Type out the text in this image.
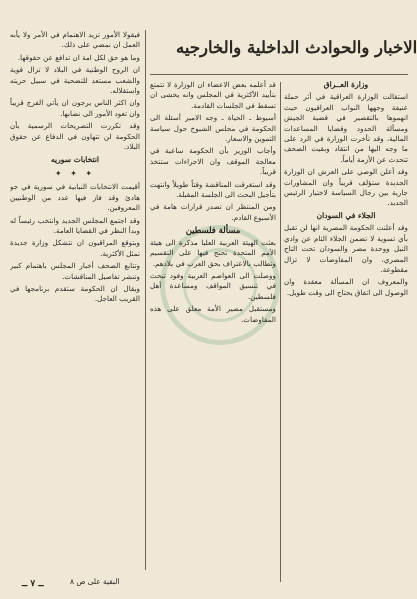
الاخبار والحوادث الداخلية والخارجيه

وزارة العــراق

استقالت الوزارة العراقية في أثر حملة عنيفة وجهها النواب العراقيون حيث اتهموها بالتقصير في قضية الجيش ومسألة الحدود وقضايا المساعدات المالية، وقد تأخرت الوزارة في الرد على ما وجه اليها من انتقاد وبقيت الصحف تتحدث عن الأزمة أياماً.

وقد أعلن الوصي على العرش ان الوزارة الجديدة ستؤلف قريباً وان المشاورات جارية بين رجال السياسة لاختيار الرئيس الجديد.

الجلاء في السودان

وقد أعلنت الحكومة المصرية انها لن تقبل بأي تسوية لا تضمن الجلاء التام عن وادي النيل ووحدة مصر والسودان تحت التاج المصري، وان المفاوضات لا تزال مقطوعة.

والمعروف ان المسألة معقدة وان الوصول الى اتفاق يحتاج الى وقت طويل.

قد أعلمه بعض الاعضاء ان الوزارة لا تتمتع بتأييد الأكثرية في المجلس وانه يخشى ان تسقط في الجلسات القادمة.

أسيوط ـ الحياة ـ وجه الامير أسئلة الى الحكومة في مجلس الشيوخ حول سياسة التموين والاسعار.

وأجاب الوزير بأن الحكومة ساعية في معالجة الموقف وان الاجراءات ستتخذ قريباً.

وقد استغرقت المناقشة وقتاً طويلاً وانتهت بتأجيل البحث الى الجلسة المقبلة.

ومن المنتظر ان تصدر قرارات هامة في الأسبوع القادم.

مسألة فلسطين

بعثت الهيئة العربية العليا مذكرة الى هيئة الأمم المتحدة تحتج فيها على التقسيم وتطالب بالاعتراف بحق العرب في بلادهم.

ووصلت الى العواصم العربية وفود تبحث في تنسيق المواقف ومساعدة أهل فلسطين.

ومستقبل مصير الأمة معلق على هذه المفاوضات.

فيقولا الأمور تزيد الاهتمام في الأمر ولا يأبه العمل ان نمضي على ذلك.

وما هو حق لكل امة ان تدافع عن حقوقها.

ان الروح الوطنية في البلاد لا تزال قوية والشعب مستعد للتضحية في سبيل حريته واستقلاله.

وان اكثر الناس يرجون ان يأتي الفرج قريباً وان تعود الأمور الى نصابها.

وقد تكررت التصريحات الرسمية بأن الحكومة لن تتهاون في الدفاع عن حقوق البلاد.

انتخابات سوريه
✦ ✦ ✦

أقيمت الانتخابات النيابية في سورية في جو هادئ وقد فاز فيها عدد من الوطنيين المعروفين.

وقد اجتمع المجلس الجديد وانتخب رئيساً له وبدأ النظر في القضايا العامة.

ويتوقع المراقبون ان تتشكل وزارة جديدة تمثل الأكثرية.

وتتابع الصحف أخبار المجلس باهتمام كبير وتنشر تفاصيل المناقشات.

ويقال ان الحكومة ستقدم برنامجها في القريب العاجل.

ــ ٧ ــ	البقية على ص ٨
